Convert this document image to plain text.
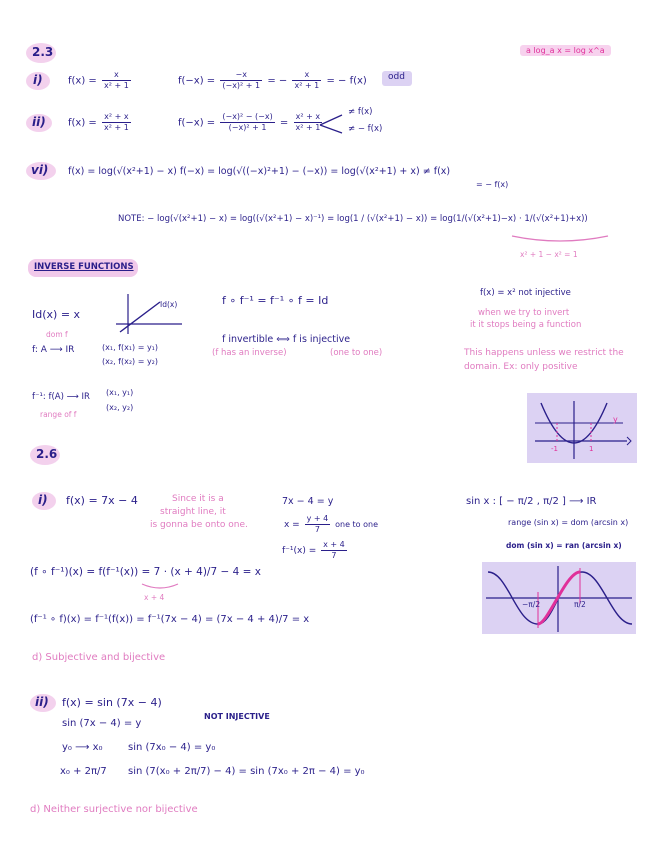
2.3	a log_a x = log x^a
i)	$f(x) = \frac{x}{\text{x² + 1}}$	$f(-x) = \frac{-x}{\text{(−x)² + 1}}$ = − $\frac{x}{\text{x² + 1}}$ = − f(x) odd
ii) $f(x) = \frac{\text{x² + x}}{\text{x² + 1}}$	$f(-x) = \frac{\text{(−x)² − (−x)}}{\text{(−x)² + 1}} = \frac{\text{x² + x}}{\text{x² + 1}}$	≠ f(x)
≠ − f(x)
vi) f(x) = log(√(x²+1) − x) f(−x) = log(√((−x)²+1) − (−x)) = log(√(x²+1) + x) ≠ f(x)
= − f(x)
NOTE: − log(√(x²+1) − x) = log((√(x²+1) − x)⁻¹) = log(1 / (√(x²+1) − x)) = log(1/(√(x²+1)−x) · 1/(√(x²+1)+x))
x² + 1 − x² = 1
INVERSE FUNCTIONS
Id(x) = x
Id(x)	f ∘ f⁻¹ = f⁻¹ ∘ f = Id
f invertible ⟺ f is injective
(f has an inverse)	(one to one)
dom f
f: A ⟶ IR	(x₁, f(x₁) = y₁)
(x₂, f(x₂) = y₂)
f⁻¹: f(A) ⟶ IR (x₁, y₁)
(x₂, y₂)
range of f
f(x) = x² not injective
when we try to invert
it it stops being a function
This happens unless we restrict the
domain. Ex: only positive
-1	1
y
2.6
i) f(x) = 7x − 4	Since it is a
straight line, it
is gonna be onto one.
7x − 4 = y
$x = \frac{y + 4}{7}$ one to one
$f^{-1}(x) = \frac{x + 4}{7}$
(f ∘ f⁻¹)(x) = f(f⁻¹(x)) = 7 · (x + 4)/7 − 4 = x
x + 4
(f⁻¹ ∘ f)(x) = f⁻¹(f(x)) = f⁻¹(7x − 4) = (7x − 4 + 4)/7 = x
d) Subjective and bijective
sin x : [ − π/2 , π/2 ] ⟶ IR
range (sin x) = dom (arcsin x)
dom (sin x) = ran (arcsin x)
−π/2	π/2
ii) f(x) = sin (7x − 4)
sin (7x − 4) = y
NOT INJECTIVE
y₀ ⟶ x₀	sin (7x₀ − 4) = y₀
x₀ + 2π/7 sin (7(x₀ + 2π/7) − 4) = sin (7x₀ + 2π − 4) = y₀
d) Neither surjective nor bijective
